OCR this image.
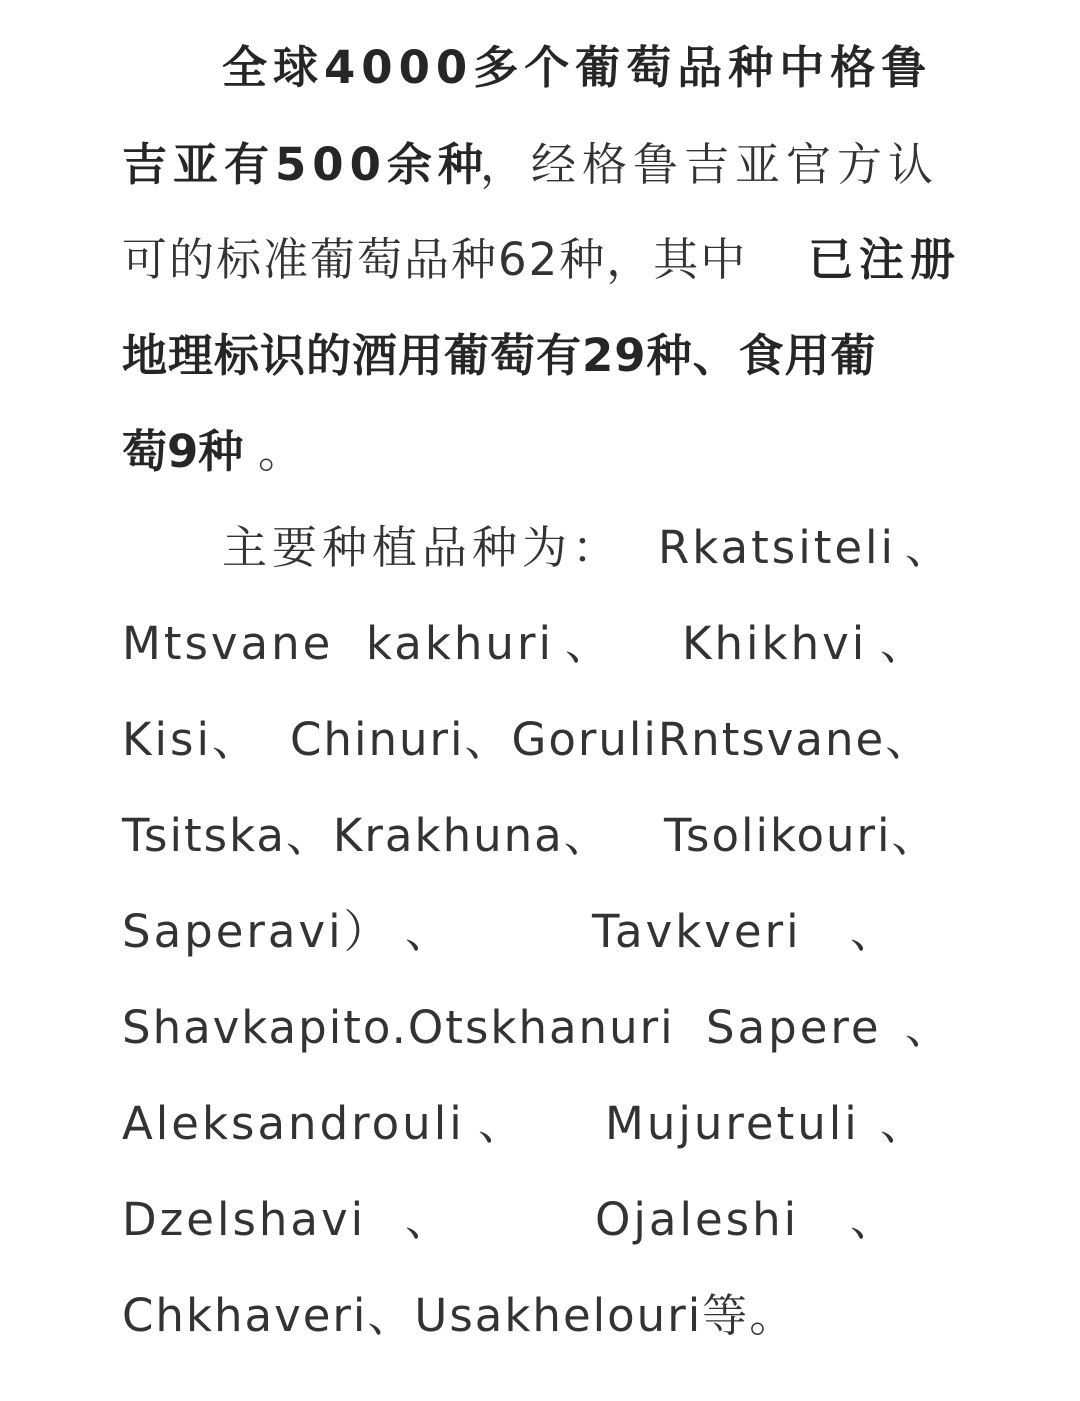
全球4000多个葡萄品种中格鲁
吉亚有500余种
，经格鲁吉亚官方认
可的标准葡萄品种62种，其中 已注册
地理标识的酒用葡萄有29种、食用葡
萄9种 。
主要种植品种为： Rkatsiteli 、
Mtsvane kakhuri 、 Khikhvi 、
Kisi、 Chinuri、GoruliRntsvane、
Tsitska、Krakhuna、 Tsolikouri、
Saperavi） 、	Tavkveri 、
Shavkapito.Otskhanuri Sapere 、
Aleksandrouli 、 Mujuretuli 、
Dzelshavi 、	Ojaleshi 、
Chkhaveri、Usakhelouri等。
